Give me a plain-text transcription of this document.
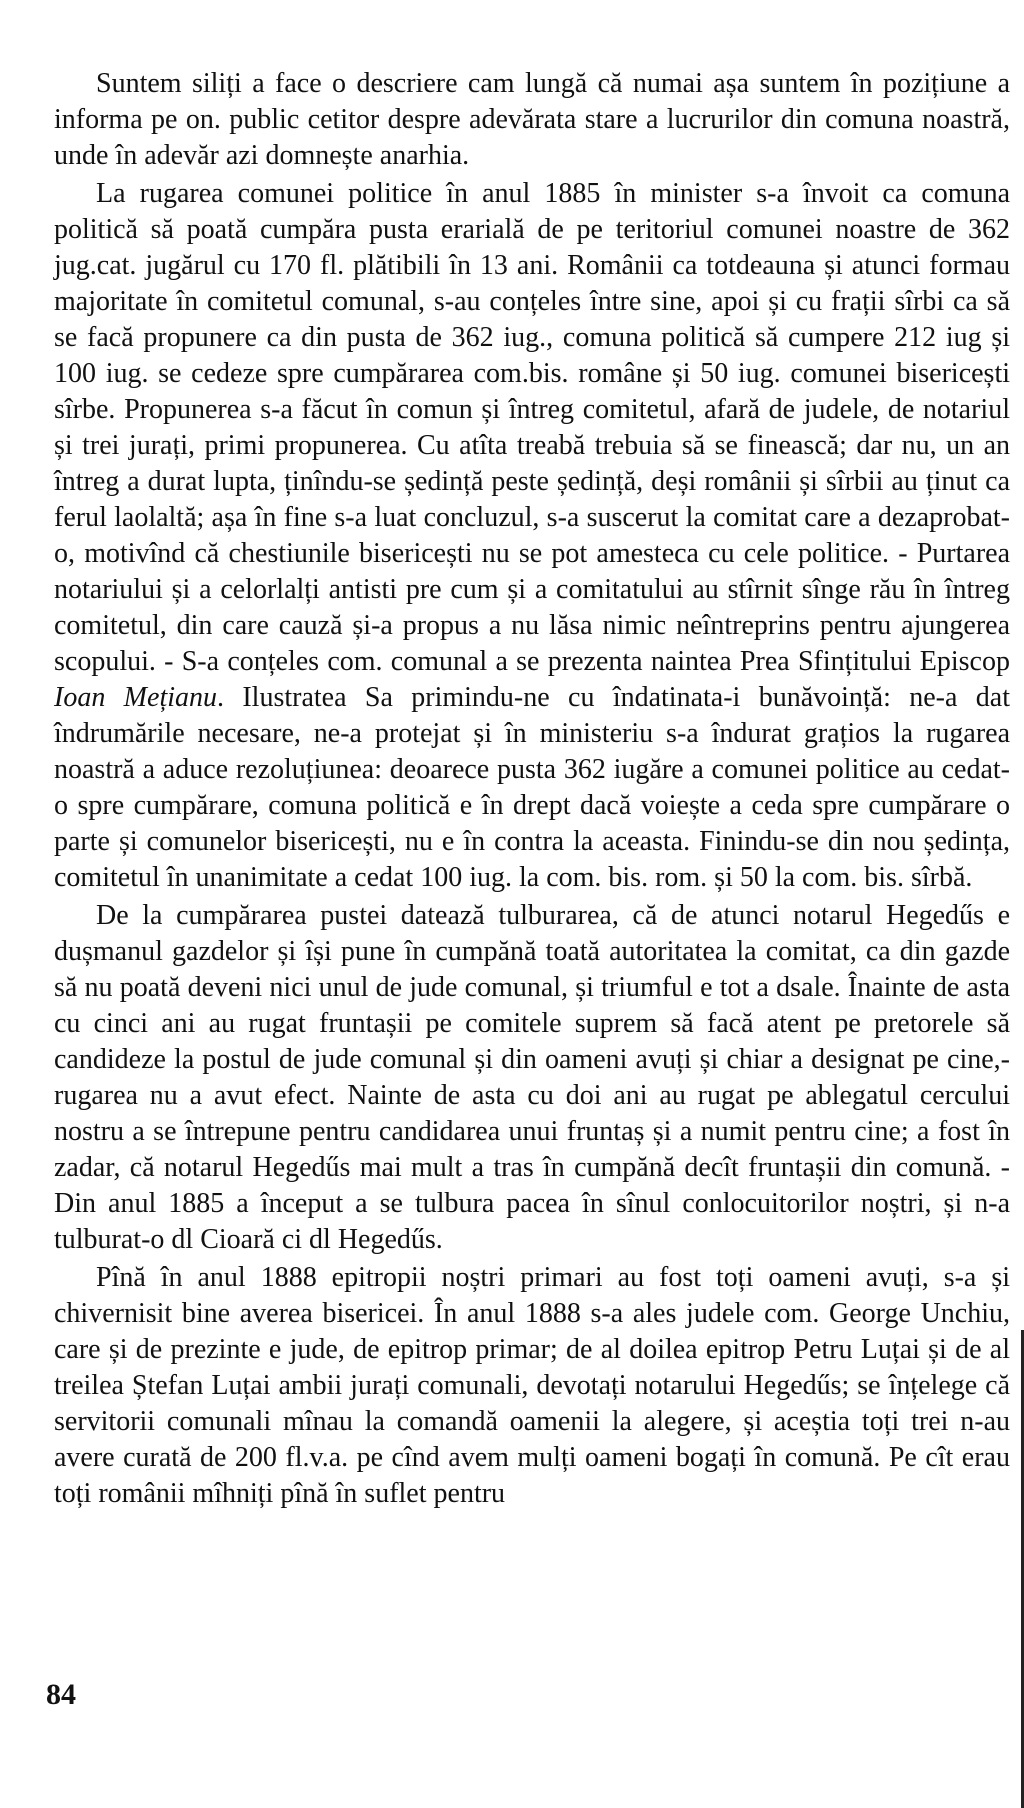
Suntem siliți a face o descriere cam lungă că numai așa suntem în pozițiune a informa pe on. public cetitor despre adevărata stare a lucrurilor din comuna noastră, unde în adevăr azi domnește anarhia.

La rugarea comunei politice în anul 1885 în minister s-a învoit ca comuna politică să poată cumpăra pusta erarială de pe teritoriul comunei noastre de 362 jug.cat. jugărul cu 170 fl. plătibili în 13 ani. Românii ca totdeauna și atunci formau majoritate în comitetul comunal, s-au conțeles între sine, apoi și cu frații sîrbi ca să se facă propunere ca din pusta de 362 iug., comuna politică să cumpere 212 iug și 100 iug. se cedeze spre cumpărarea com.bis. române și 50 iug. comunei bisericești sîrbe. Propunerea s-a făcut în comun și întreg comitetul, afară de judele, de notariul și trei jurați, primi propunerea. Cu atîta treabă trebuia să se finească; dar nu, un an întreg a durat lupta, ținîndu-se ședință peste ședință, deși românii și sîrbii au ținut ca ferul laolaltă; așa în fine s-a luat concluzul, s-a suscerut la comitat care a dezaprobat-o, motivînd că chestiunile bisericești nu se pot amesteca cu cele politice. - Purtarea notariului și a celorlalți antisti pre cum și a comitatului au stîrnit sînge rău în întreg comitetul, din care cauză și-a propus a nu lăsa nimic neîntreprins pentru ajungerea scopului. - S-a conțeles com. comunal a se prezenta naintea Prea Sfințitului Episcop Ioan Mețianu. Ilustratea Sa primindu-ne cu îndatinata-i bunăvoință: ne-a dat îndrumările necesare, ne-a protejat și în ministeriu s-a îndurat grațios la rugarea noastră a aduce rezoluțiunea: deoarece pusta 362 iugăre a comunei politice au cedat-o spre cumpărare, comuna politică e în drept dacă voiește a ceda spre cumpărare o parte și comunelor bisericești, nu e în contra la aceasta. Finindu-se din nou ședința, comitetul în unanimitate a cedat 100 iug. la com. bis. rom. și 50 la com. bis. sîrbă.

De la cumpărarea pustei datează tulburarea, că de atunci notarul Hegedűs e dușmanul gazdelor și își pune în cumpănă toată autoritatea la comitat, ca din gazde să nu poată deveni nici unul de jude comunal, și triumful e tot a dsale. Înainte de asta cu cinci ani au rugat fruntașii pe comitele suprem să facă atent pe pretorele să candideze la postul de jude comunal și din oameni avuți și chiar a designat pe cine,- rugarea nu a avut efect. Nainte de asta cu doi ani au rugat pe ablegatul cercului nostru a se întrepune pentru candidarea unui fruntaș și a numit pentru cine; a fost în zadar, că notarul Hegedűs mai mult a tras în cumpănă decît fruntașii din comună. - Din anul 1885 a început a se tulbura pacea în sînul conlocuitorilor noștri, și n-a tulburat-o dl Cioară ci dl Hegedűs.

Pînă în anul 1888 epitropii noștri primari au fost toți oameni avuți, s-a și chivernisit bine averea bisericei. În anul 1888 s-a ales judele com. George Unchiu, care și de prezinte e jude, de epitrop primar; de al doilea epitrop Petru Luțai și de al treilea Ștefan Luțai ambii jurați comunali, devotați notarului Hegedűs; se înțelege că servitorii comunali mînau la comandă oamenii la alegere, și aceștia toți trei n-au avere curată de 200 fl.v.a. pe cînd avem mulți oameni bogați în comună. Pe cît erau toți românii mîhniți pînă în suflet pentru

84
